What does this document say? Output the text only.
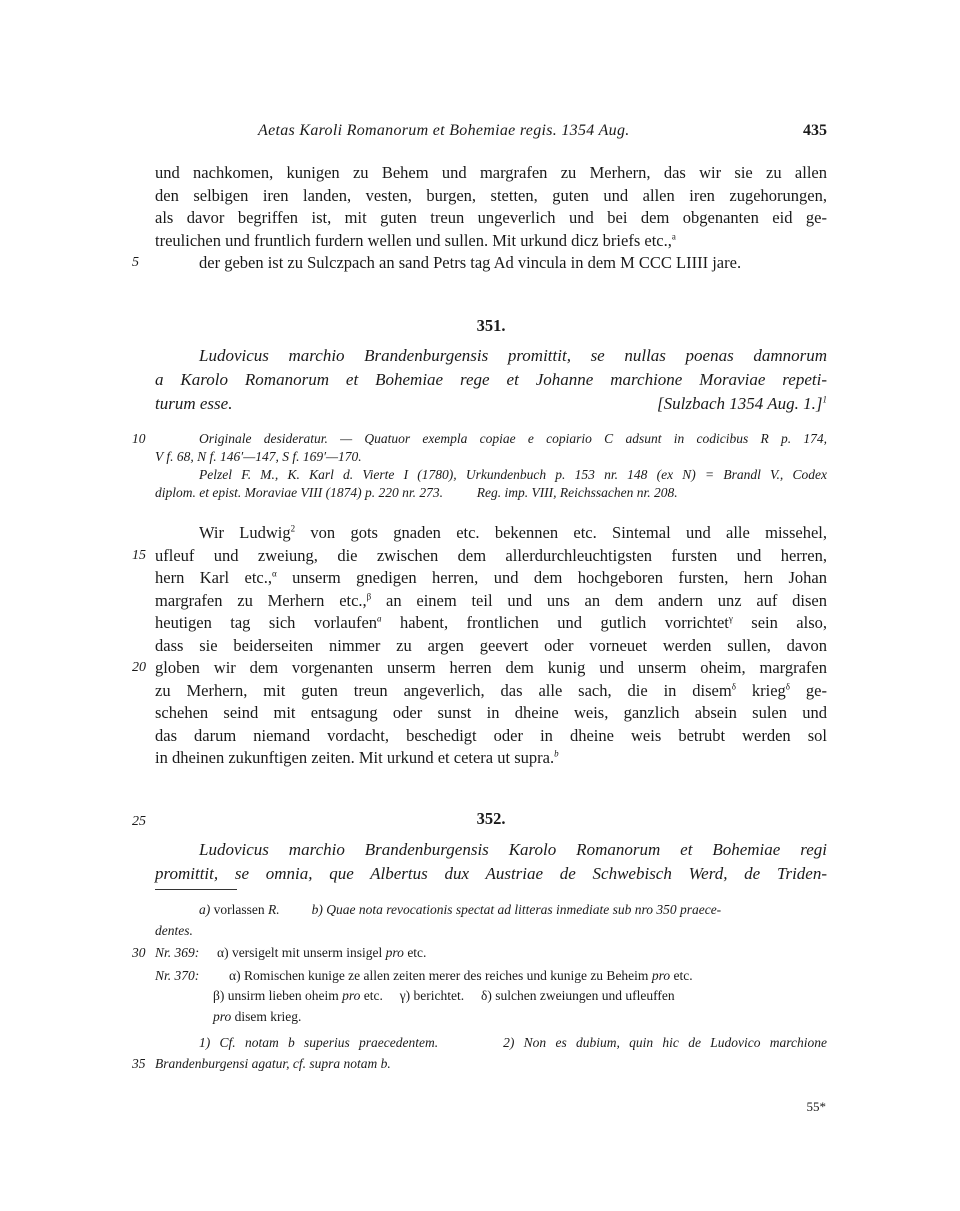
Aetas Karoli Romanorum et Bohemiae regis. 1354 Aug.	435
und nachkomen, kunigen zu Behem und margrafen zu Merhern, das wir sie zu allen
den selbigen iren landen, vesten, burgen, stetten, guten und allen iren zugehorungen,
als davor begriffen ist, mit guten treun ungeverlich und bei dem obgenanten eid ge-
treulichen und fruntlich furdern wellen und sullen. Mit urkund dicz briefs etc.,$^a$
5	der geben ist zu Sulczpach an sand Petrs tag Ad vincula in dem M CCC LIIII jare.
351.
Ludovicus marchio Brandenburgensis promittit, se nullas poenas damnorum
a Karolo Romanorum et Bohemiae rege et Johanne marchione Moraviae repeti-
turum esse.	[Sulzbach 1354 Aug. 1.]$^1$
10	Originale desideratur. — Quatuor exempla copiae e copiario C adsunt in codicibus R p. 174,
V f. 68, N f. 146′—147, S f. 169′—170.
Pelzel F. M., K. Karl d. Vierte I (1780), Urkundenbuch p. 153 nr. 148 (ex N) = Brandl V., Codex
diplom. et epist. Moraviae VIII (1874) p. 220 nr. 273.          Reg. imp. VIII, Reichssachen nr. 208.
Wir Ludwig$^2$ von gots gnaden etc. bekennen etc. Sintemal und alle missehel,
15 ufleuf und zweiung, die zwischen dem allerdurchleuchtigsten fursten und herren,
hern Karl etc.,$^\alpha$ unserm gnedigen herren, und dem hochgeboren fursten, hern Johan
margrafen zu Merhern etc.,$^\beta$ an einem teil und uns an dem andern unz auf disen
heutigen tag sich vorlaufen$^a$ habent, frontlichen und gutlich vorrichtet$^\gamma$ sein also,
dass sie beiderseiten nimmer zu argen geevert oder vorneuet werden sullen, davon
20 globen wir dem vorgenanten unserm herren dem kunig und unserm oheim, margrafen
zu Merhern, mit guten treun angeverlich, das alle sach, die in disem$^\delta$ krieg$^\delta$ ge-
schehen seind mit entsagung oder sunst in dheine weis, ganzlich absein sulen und
das darum niemand vordacht, beschedigt oder in dheine weis betrubt werden sol
in dheinen zukunftigen zeiten. Mit urkund et cetera ut supra.$^b$
25	352.
Ludovicus marchio Brandenburgensis Karolo Romanorum et Bohemiae regi
promittit, se omnia, que Albertus dux Austriae de Schwebisch Werd, de Triden-
a) vorlassen R. b) Quae nota revocationis spectat ad litteras inmediate sub nro 350 praece-
dentes.
30 Nr. 369: α) versigelt mit unserm insigel pro etc.
Nr. 370: α) Romischen kunige ze allen zeiten merer des reiches und kunige zu Beheim pro etc.
β) unsirm lieben oheim pro etc.     γ) berichtet.     δ) sulchen zweiungen und ufleuffen
pro disem krieg.
1) Cf. notam b superius praecedentem.       2) Non es dubium, quin hic de Ludovico marchione
35 Brandenburgensi agatur, cf. supra notam b.
55*
